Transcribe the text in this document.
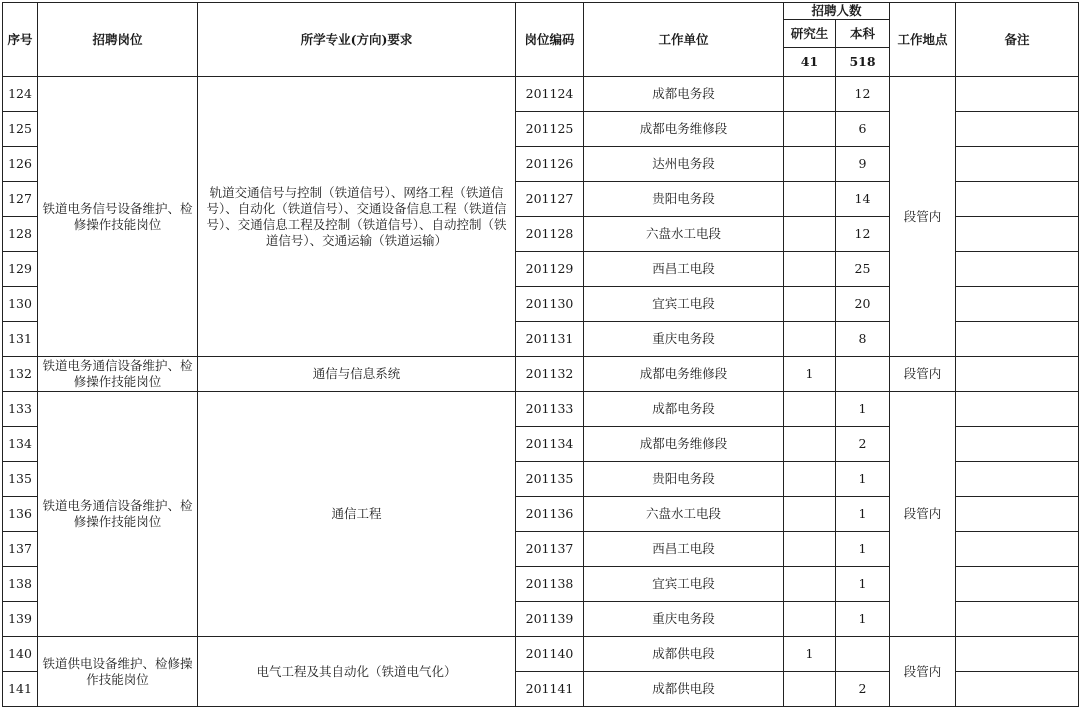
序号	招聘岗位	所学专业(方向)要求	岗位编码	工作单位	招聘人数		工作地点	备注
					研究生	本科		
					41	518		
124	铁道电务信号设备维护、检修操作技能岗位	轨道交通信号与控制（铁道信号）、网络工程（铁道信号）、自动化（铁道信号）、交通设备信息工程（铁道信号）、交通信息工程及控制（铁道信号）、自动控制（铁道信号）、交通运输（铁道运输）	201124	成都电务段		12	段管内	
125			201125	成都电务维修段		6		
126			201126	达州电务段		9		
127			201127	贵阳电务段		14		
128			201128	六盘水工电段		12		
129			201129	西昌工电段		25		
130			201130	宜宾工电段		20		
131			201131	重庆电务段		8		
132	铁道电务通信设备维护、检修操作技能岗位	通信与信息系统	201132	成都电务维修段	1		段管内	
133	铁道电务通信设备维护、检修操作技能岗位	通信工程	201133	成都电务段		1	段管内	
134			201134	成都电务维修段		2		
135			201135	贵阳电务段		1		
136			201136	六盘水工电段		1		
137			201137	西昌工电段		1		
138			201138	宜宾工电段		1		
139			201139	重庆电务段		1		
140	铁道供电设备维护、检修操作技能岗位	电气工程及其自动化（铁道电气化）	201140	成都供电段	1		段管内	
141			201141	成都供电段		2		
